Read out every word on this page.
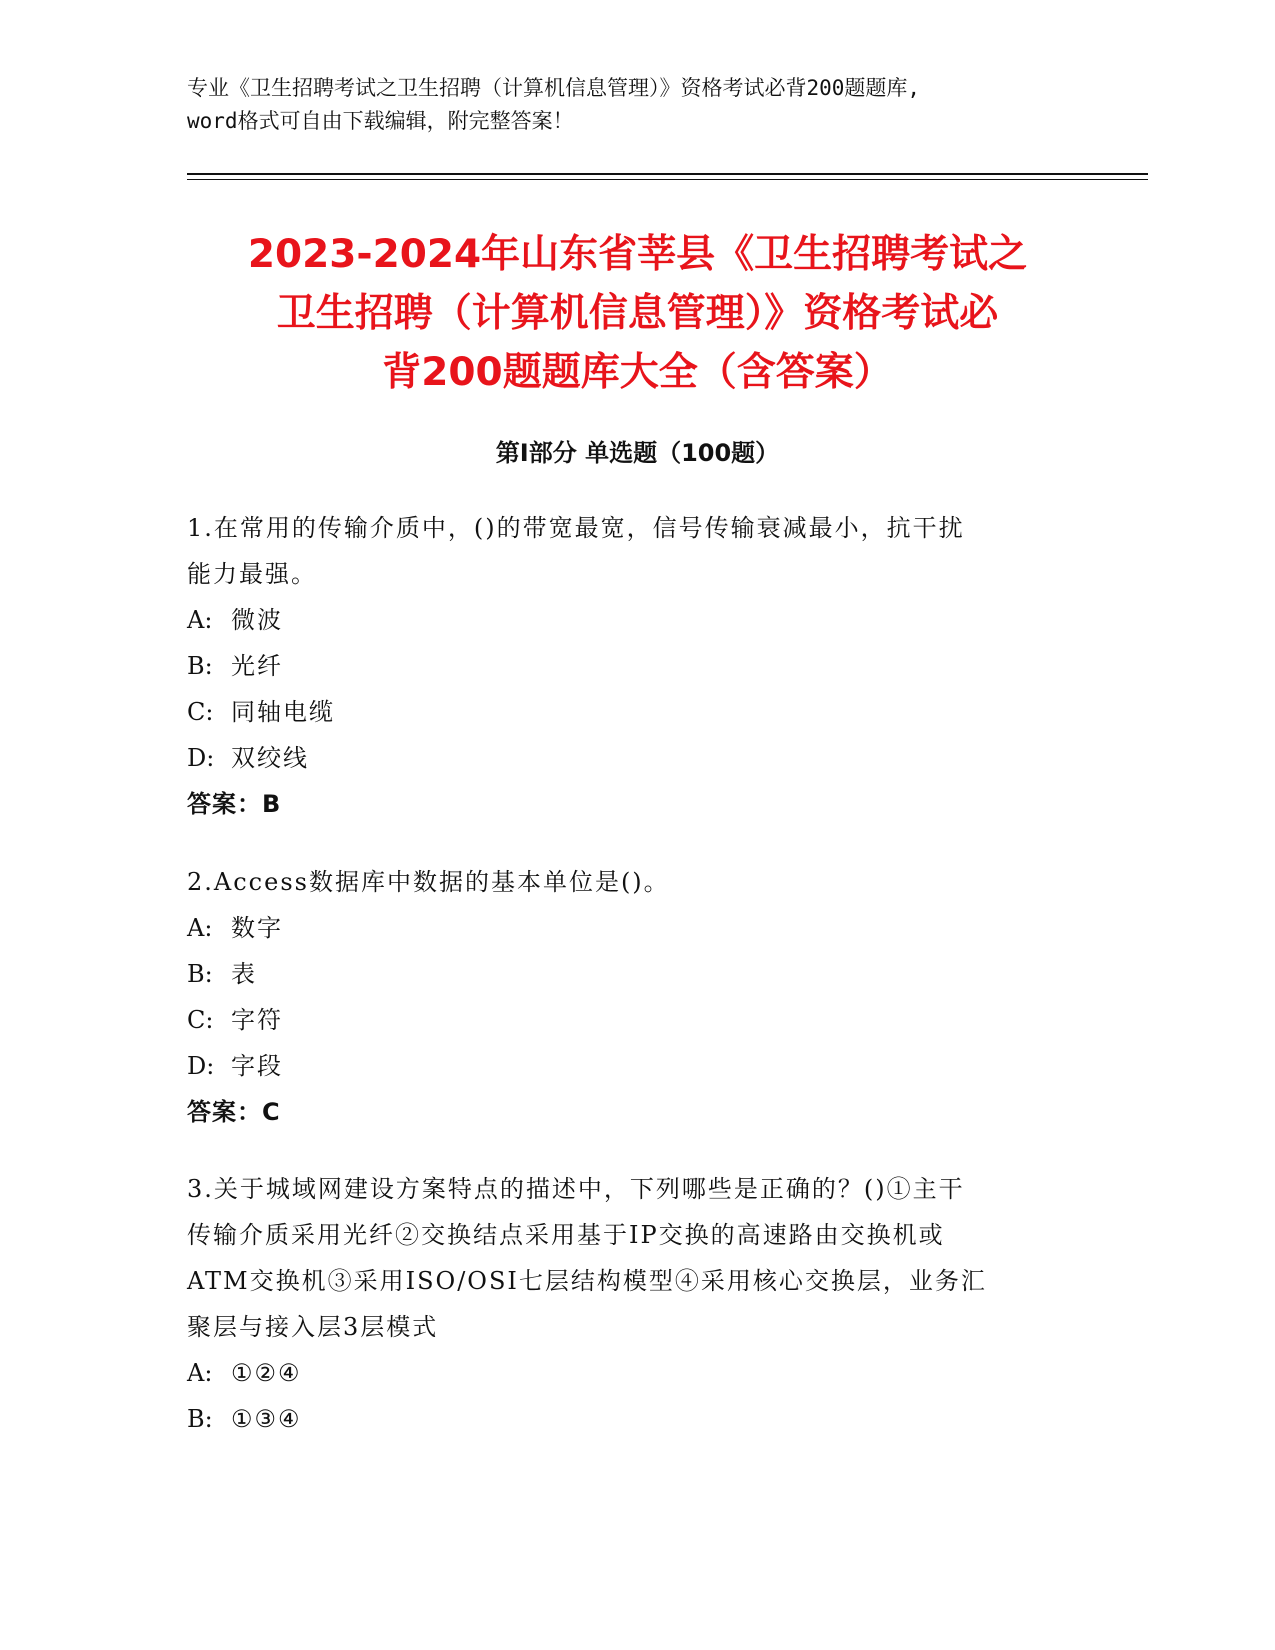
专业《卫生招聘考试之卫生招聘（计算机信息管理）》资格考试必背200题题库,
word格式可自由下载编辑，附完整答案！
2023-2024年山东省莘县《卫生招聘考试之
卫生招聘（计算机信息管理）》资格考试必
背200题题库大全（含答案）
第Ⅰ部分 单选题（100题）
1.在常用的传输介质中，()的带宽最宽，信号传输衰减最小，抗干扰
能力最强。
A: 微波
B: 光纤
C: 同轴电缆
D: 双绞线
答案：B
2.Access数据库中数据的基本单位是()。
A: 数字
B: 表
C: 字符
D: 字段
答案：C
3.关于城域网建设方案特点的描述中，下列哪些是正确的？()①主干
传输介质采用光纤②交换结点采用基于IP交换的高速路由交换机或
ATM交换机③采用ISO/OSI七层结构模型④采用核心交换层，业务汇
聚层与接入层3层模式
A: ①②④
B: ①③④
